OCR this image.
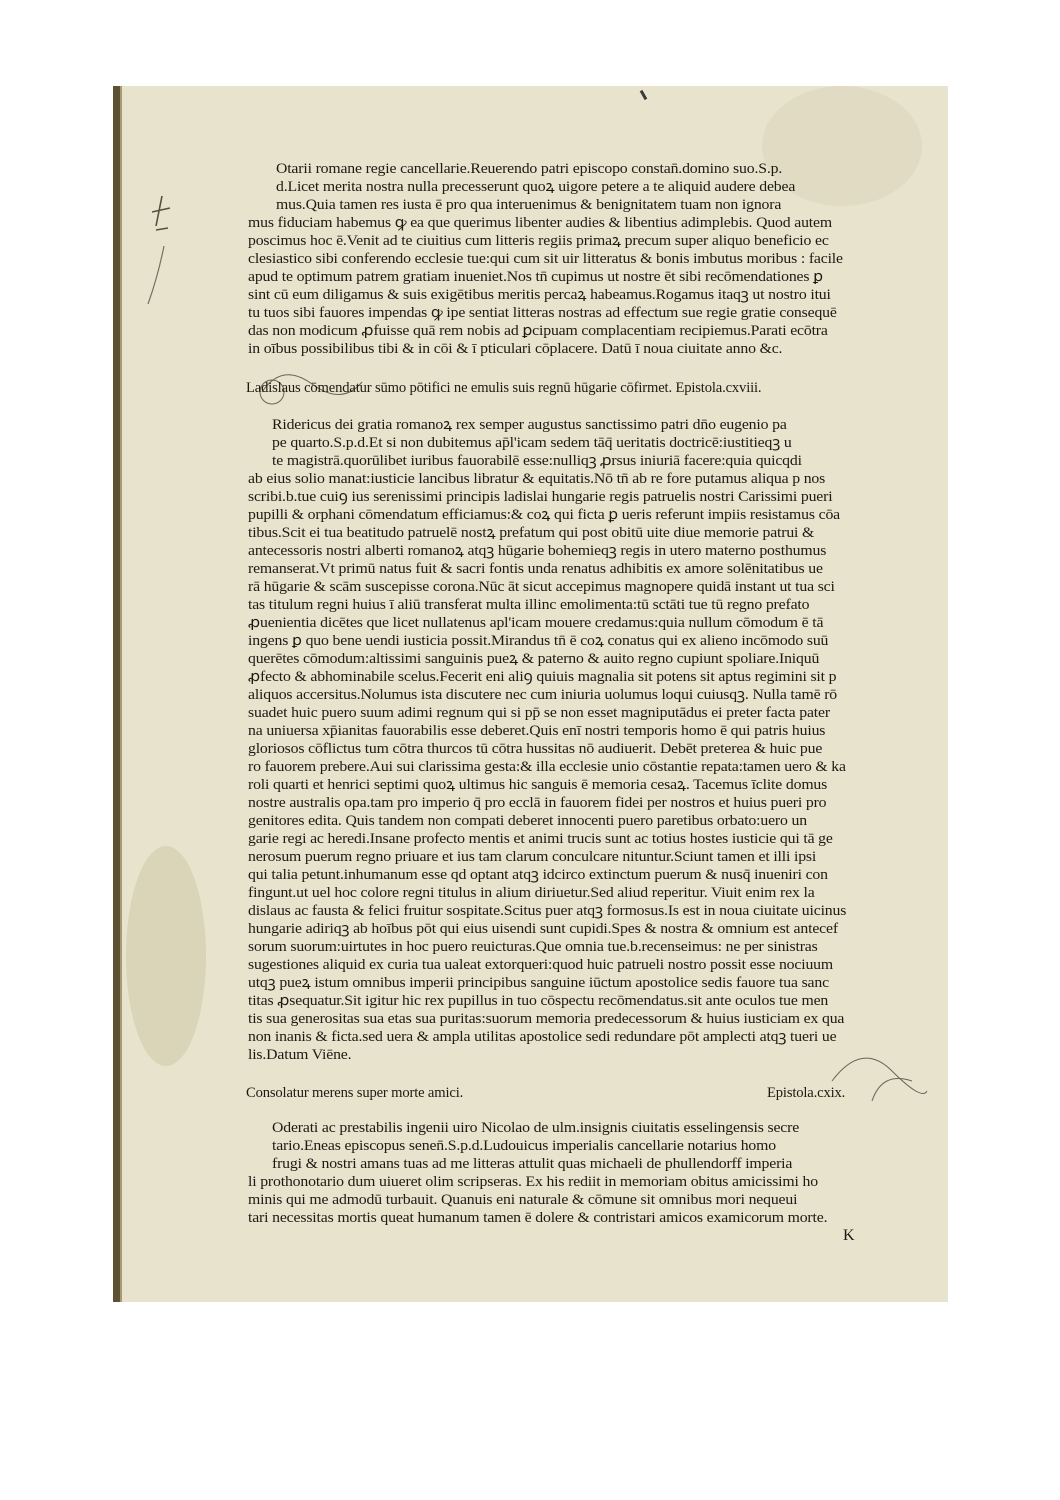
Otarii romane regie cancellarie.Reuerendo patri episcopo constan̄.domino suo.S.p.
d.Licet merita nostra nulla precesserunt quoꝝ uigore petere a te aliquid audere debea
mus.Quia tamen res iusta ē pro qua interuenimus & benignitatem tuam non ignora
mus fiduciam habemus ꝙ ea que querimus libenter audies & libentius adimplebis. Quod autem
poscimus hoc ē.Venit ad te ciuitius cum litteris regiis primaꝝ precum super aliquo beneficio ec
clesiastico sibi conferendo ecclesie tue:qui cum sit uir litteratus & bonis imbutus moribus : facile
apud te optimum patrem gratiam inueniet.Nos tn̄ cupimus ut nostre ēt sibi recōmendationes ꝑ
sint cū eum diligamus & suis exigētibus meritis percaꝝ habeamus.Rogamus itaqꝫ ut nostro itui
tu tuos sibi fauores impendas ꝙ ipe sentiat litteras nostras ad effectum sue regie gratie consequē
das non modicum ꝓfuisse quā rem nobis ad ꝑcipuam complacentiam recipiemus.Parati ecōtra
in oībus possibilibus tibi & in cōi & ī pticulari cōplacere. Datū ī noua ciuitate anno &c.
Ladislaus cōmendatur sūmo pōtifici ne emulis suis regnū hūgarie cōfirmet. Epistola.cxviii.
Ridericus dei gratia romanoꝝ rex semper augustus sanctissimo patri dn̄o eugenio pa
pe quarto.S.p.d.Et si non dubitemus ap̄l'icam sedem tāq̄ ueritatis doctricē:iustitieqꝫ u
te magistrā.quorūlibet iuribus fauorabilē esse:nulliqꝫ ꝓrsus iniuriā facere:quia quicqdi
ab eius solio manat:iusticie lancibus libratur & equitatis.Nō tn̄ ab re fore putamus aliqua p nos
scribi.b.tue cuiꝯ ius serenissimi principis ladislai hungarie regis patruelis nostri Carissimi pueri
pupilli & orphani cōmendatum efficiamus:& coꝝ qui ficta ꝑ ueris referunt impiis resistamus cōa
tibus.Scit ei tua beatitudo patruelē nostꝝ prefatum qui post obitū uite diue memorie patrui &
antecessoris nostri alberti romanoꝝ atqꝫ hūgarie bohemieqꝫ regis in utero materno posthumus
remanserat.Vt primū natus fuit & sacri fontis unda renatus adhibitis ex amore solēnitatibus ue
rā hūgarie & scām suscepisse corona.Nūc āt sicut accepimus magnopere quidā instant ut tua sci
tas titulum regni huius ī aliū transferat multa illinc emolimenta:tū sctāti tue tū regno prefato
ꝓuenientia dicētes que licet nullatenus apl'icam mouere credamus:quia nullum cōmodum ē tā
ingens ꝑ quo bene uendi iusticia possit.Mirandus tn̄ ē coꝝ conatus qui ex alieno incōmodo suū
querētes cōmodum:altissimi sanguinis pueꝝ & paterno & auito regno cupiunt spoliare.Iniquū
ꝓfecto & abhominabile scelus.Fecerit eni aliꝯ quiuis magnalia sit potens sit aptus regimini sit p
aliquos accersitus.Nolumus ista discutere nec cum iniuria uolumus loqui cuiusqꝫ. Nulla tamē rō
suadet huic puero suum adimi regnum qui si pp̄ se non esset magniputādus ei preter facta pater
na uniuersa xp̄ianitas fauorabilis esse deberet.Quis enī nostri temporis homo ē qui patris huius
gloriosos cōflictus tum cōtra thurcos tū cōtra hussitas nō audiuerit. Debēt preterea & huic pue
ro fauorem prebere.Aui sui clarissima gesta:& illa ecclesie unio cōstantie repata:tamen uero & ka
roli quarti et henrici septimi quoꝝ ultimus hic sanguis ē memoria cesaꝝ. Tacemus īclite domus
nostre australis opa.tam pro imperio q̄ pro ecclā in fauorem fidei per nostros et huius pueri pro
genitores edita. Quis tandem non compati deberet innocenti puero paretibus orbato:uero un
garie regi ac heredi.Insane profecto mentis et animi trucis sunt ac totius hostes iusticie qui tā ge
nerosum puerum regno priuare et ius tam clarum conculcare nituntur.Sciunt tamen et illi ipsi
qui talia petunt.inhumanum esse qd optant atqꝫ idcirco extinctum puerum & nusq̄ inueniri con
fingunt.ut uel hoc colore regni titulus in alium diriuetur.Sed aliud reperitur. Viuit enim rex la
dislaus ac fausta & felici fruitur sospitate.Scitus puer atqꝫ formosus.Is est in noua ciuitate uicinus
hungarie adiriqꝫ ab hoībus pōt qui eius uisendi sunt cupidi.Spes & nostra & omnium est antecef
sorum suorum:uirtutes in hoc puero reuicturas.Que omnia tue.b.recenseimus: ne per sinistras
sugestiones aliquid ex curia tua ualeat extorqueri:quod huic patrueli nostro possit esse nociuum
utqꝫ pueꝝ istum omnibus imperii principibus sanguine iūctum apostolice sedis fauore tua sanc
titas ꝓsequatur.Sit igitur hic rex pupillus in tuo cōspectu recōmendatus.sit ante oculos tue men
tis sua generositas sua etas sua puritas:suorum memoria predecessorum & huius iusticiam ex qua
non inanis & ficta.sed uera & ampla utilitas apostolice sedi redundare pōt amplecti atqꝫ tueri ue
lis.Datum Viēne.
Consolatur merens super morte amici.	Epistola.cxix.
Oderati ac prestabilis ingenii uiro Nicolao de ulm.insignis ciuitatis esselingensis secre
tario.Eneas episcopus senen̄.S.p.d.Ludouicus imperialis cancellarie notarius homo
frugi & nostri amans tuas ad me litteras attulit quas michaeli de phullendorff imperia
li prothonotario dum uiueret olim scripseras. Ex his rediit in memoriam obitus amicissimi ho
minis qui me admodū turbauit. Quanuis eni naturale & cōmune sit omnibus mori nequeui
tari necessitas mortis queat humanum tamen ē dolere & contristari amicos examicorum morte.
K
